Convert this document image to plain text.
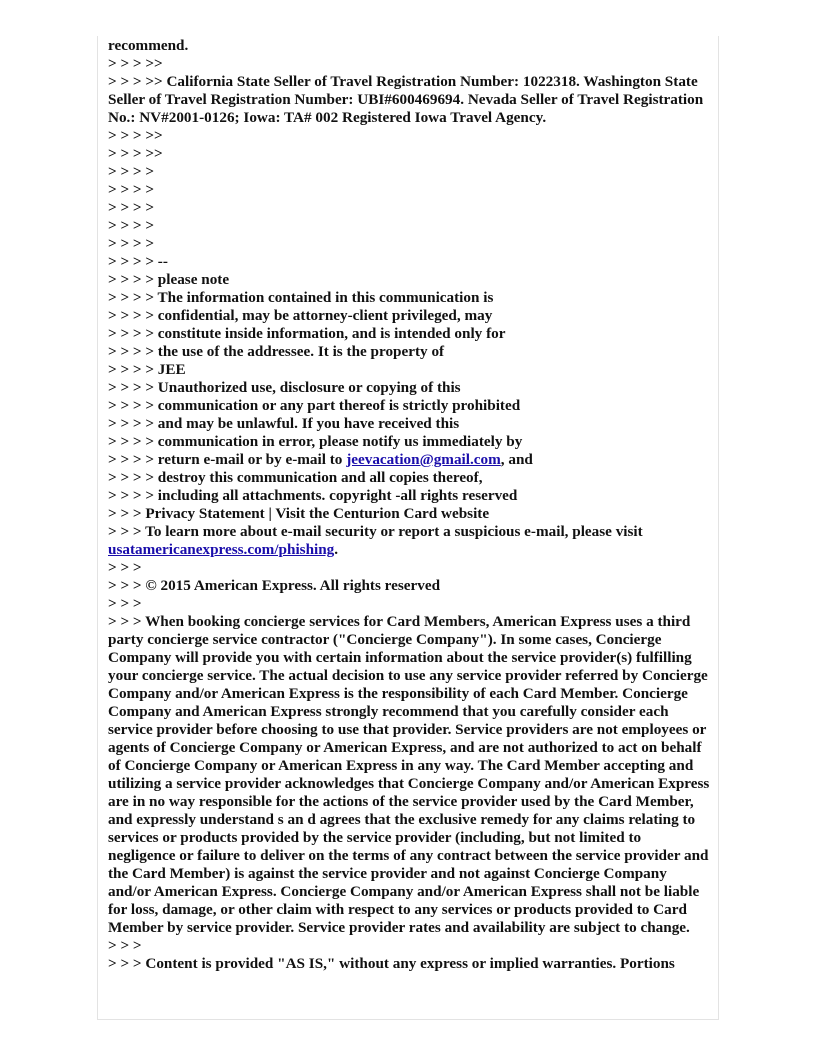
recommend.
> > > >>
> > > >> California State Seller of Travel Registration Number: 1022318. Washington State Seller of Travel Registration Number: UBI#600469694. Nevada Seller of Travel Registration No.: NV#2001-0126; Iowa: TA# 002 Registered Iowa Travel Agency.
> > > >>
> > > >>
> > > >
> > > >
> > > >
> > > >
> > > >
> > > > --
> > > > please note
> > > > The information contained in this communication is
> > > > confidential, may be attorney-client privileged, may
> > > > constitute inside information, and is intended only for
> > > > the use of the addressee. It is the property of
> > > > JEE
> > > > Unauthorized use, disclosure or copying of this
> > > > communication or any part thereof is strictly prohibited
> > > > and may be unlawful. If you have received this
> > > > communication in error, please notify us immediately by
> > > > return e-mail or by e-mail to jeevacation@gmail.com, and
> > > > destroy this communication and all copies thereof,
> > > > including all attachments. copyright -all rights reserved
> > > Privacy Statement | Visit the Centurion Card website
> > > To learn more about e-mail security or report a suspicious e-mail, please visit usatamericanexpress.com/phishing.
> > >
> > > © 2015 American Express. All rights reserved
> > >
> > > When booking concierge services for Card Members, American Express uses a third party concierge service contractor ("Concierge Company"). In some cases, Concierge Company will provide you with certain information about the service provider(s) fulfilling your concierge service. The actual decision to use any service provider referred by Concierge Company and/or American Express is the responsibility of each Card Member. Concierge Company and American Express strongly recommend that you carefully consider each service provider before choosing to use that provider. Service providers are not employees or agents of Concierge Company or American Express, and are not authorized to act on behalf of Concierge Company or American Express in any way. The Card Member accepting and utilizing a service provider acknowledges that Concierge Company and/or American Express are in no way responsible for the actions of the service provider used by the Card Member, and expressly understand s an d agrees that the exclusive remedy for any claims relating to services or products provided by the service provider (including, but not limited to negligence or failure to deliver on the terms of any contract between the service provider and the Card Member) is against the service provider and not against Concierge Company and/or American Express. Concierge Company and/or American Express shall not be liable for loss, damage, or other claim with respect to any services or products provided to Card Member by service provider. Service provider rates and availability are subject to change.
> > >
> > > Content is provided "AS IS," without any express or implied warranties. Portions
